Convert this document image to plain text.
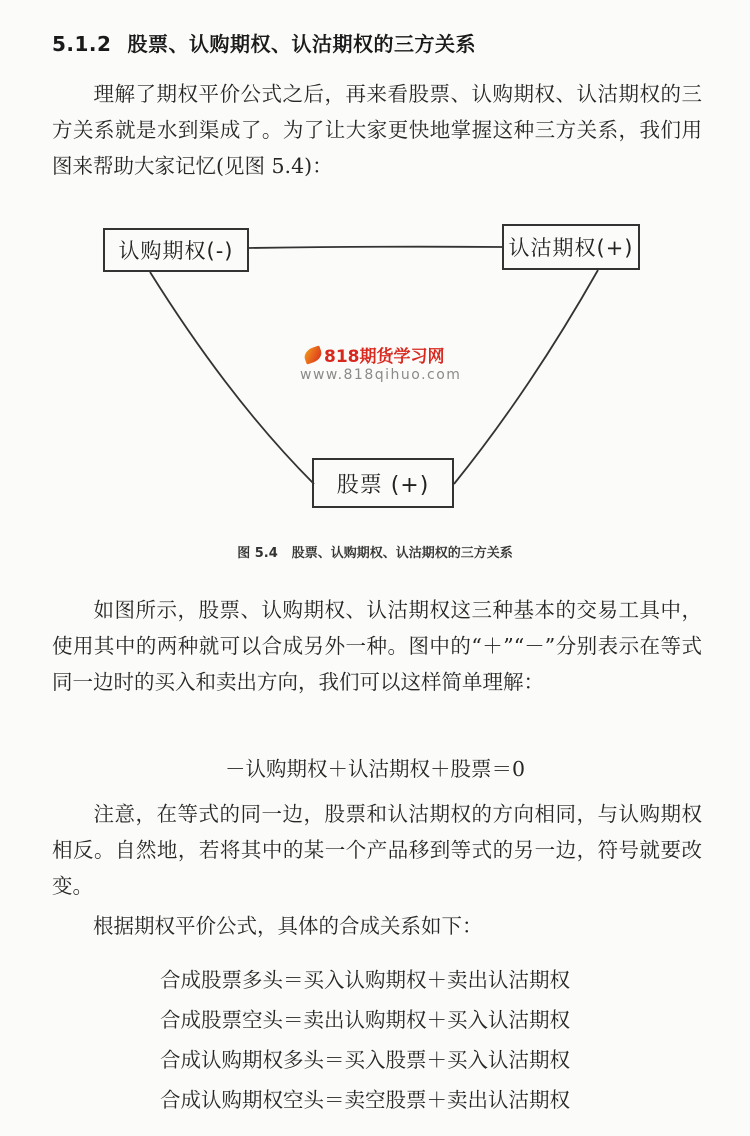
5.1.2 股票、认购期权、认沽期权的三方关系
理解了期权平价公式之后，再来看股票、认购期权、认沽期权的三方关系就是水到渠成了。为了让大家更快地掌握这种三方关系，我们用图来帮助大家记忆(见图 5.4)：
认购期权(-)	认沽期权(+)
股票 (+)
818期货学习网
www.818qihuo.com
图 5.4 股票、认购期权、认沽期权的三方关系
如图所示，股票、认购期权、认沽期权这三种基本的交易工具中，使用其中的两种就可以合成另外一种。图中的“＋”“－”分别表示在等式同一边时的买入和卖出方向，我们可以这样简单理解：
－认购期权＋认沽期权＋股票＝0
注意，在等式的同一边，股票和认沽期权的方向相同，与认购期权相反。自然地，若将其中的某一个产品移到等式的另一边，符号就要改变。
根据期权平价公式，具体的合成关系如下：
合成股票多头＝买入认购期权＋卖出认沽期权
合成股票空头＝卖出认购期权＋买入认沽期权
合成认购期权多头＝买入股票＋买入认沽期权
合成认购期权空头＝卖空股票＋卖出认沽期权
